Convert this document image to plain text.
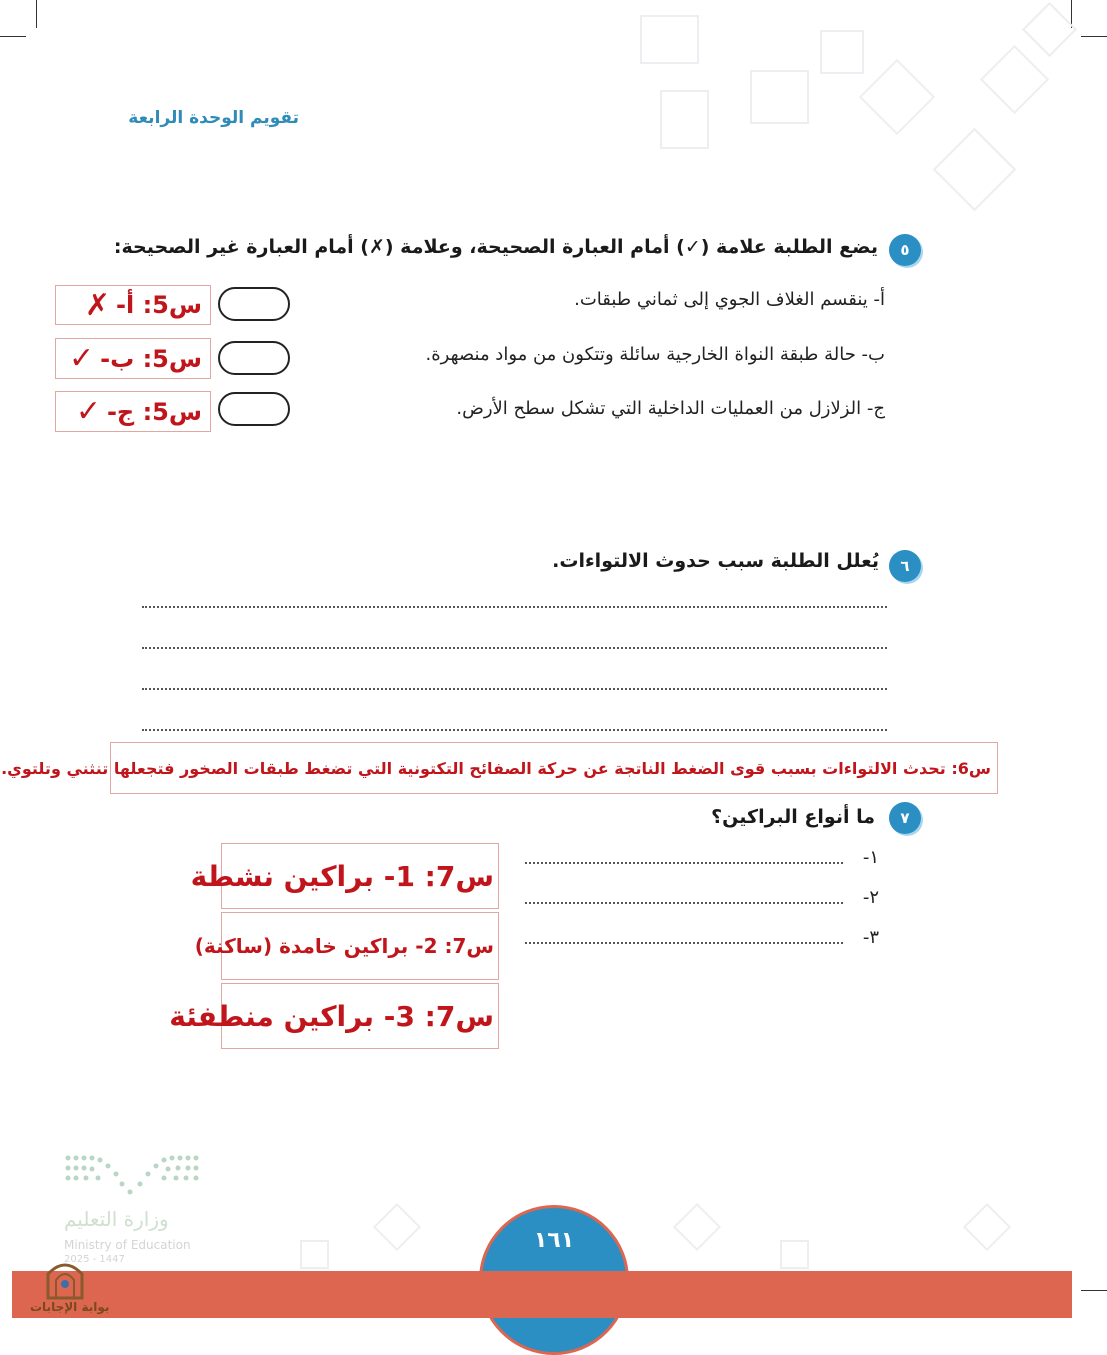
تقويم الوحدة الرابعة
٥
يضع الطلبة علامة (✓) أمام العبارة الصحيحة، وعلامة (✗) أمام العبارة غير الصحيحة:
أ- ينقسم الغلاف الجوي إلى ثماني طبقات.
س5: أ-
✗
ب- حالة طبقة النواة الخارجية سائلة وتتكون من مواد منصهرة.
س5: ب-
✓
ج- الزلازل من العمليات الداخلية التي تشكل سطح الأرض.
س5: ج-
✓
٦
يُعلل الطلبة سبب حدوث الالتواءات.
س6: تحدث الالتواءات بسبب قوى الضغط الناتجة عن حركة الصفائح التكتونية التي تضغط طبقات الصخور فتجعلها تنثني وتلتوي.
٧
ما أنواع البراكين؟
١-
٢-
٣-
س7: 1- براكين نشطة
س7: 2- براكين خامدة (ساكنة)
س7: 3- براكين منطفئة
وزارة التعليم
Ministry of Education
2025 - 1447
١٦١
بوابة الإجابات
